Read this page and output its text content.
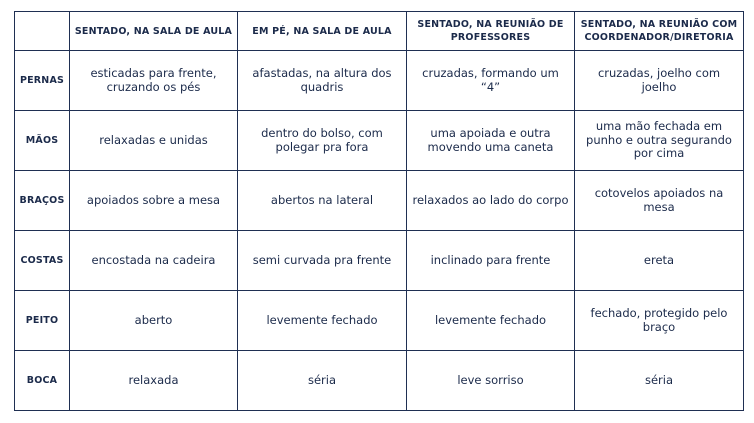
	SENTADO, NA SALA DE AULA	EM PÉ, NA SALA DE AULA	SENTADO, NA REUNIÃO DE PROFESSORES	SENTADO, NA REUNIÃO COM COORDENADOR/DIRETORIA
PERNAS	esticadas para frente, cruzando os pés	afastadas, na altura dos quadris	cruzadas, formando um “4”	cruzadas, joelho com joelho
MÃOS	relaxadas e unidas	dentro do bolso, com polegar pra fora	uma apoiada e outra movendo uma caneta	uma mão fechada em punho e outra segurando por cima
BRAÇOS	apoiados sobre a mesa	abertos na lateral	relaxados ao lado do corpo	cotovelos apoiados na mesa
COSTAS	encostada na cadeira	semi curvada pra frente	inclinado para frente	ereta
PEITO	aberto	levemente fechado	levemente fechado	fechado, protegido pelo braço
BOCA	relaxada	séria	leve sorriso	séria
